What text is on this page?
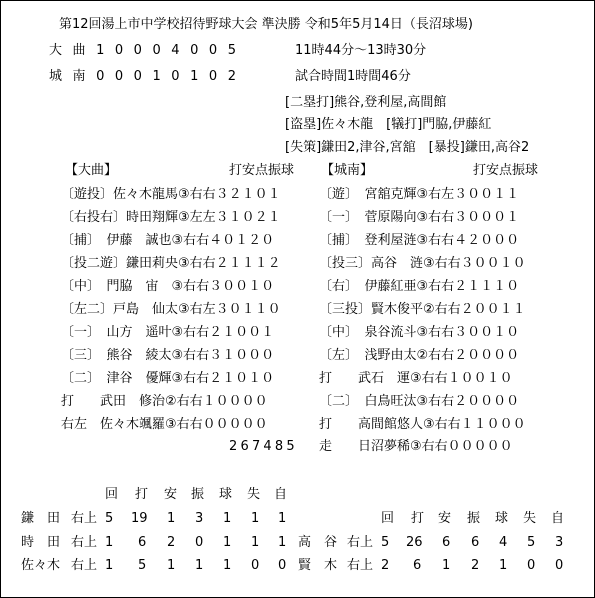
第12回湯上市中学校招待野球大会 準決勝 令和5年5月14日（長沼球場)
大 曲 1 0 0 0 4 0 0 5
城 南 0 0 0 1 0 1 0 2
11時44分～13時30分
試合時間1時間46分
[二塁打]熊谷,登利屋,高間館
[盗塁]佐々木龍　[犠打]門脇,伊藤紅
[失策]鎌田2,津谷,宮舘　[暴投]鎌田,高谷2
【大曲】	打安点振球 【城南】	打安点振球
〔遊投〕佐々木龍馬③右右３２１０１
〔右投右〕時田翔輝③左左３１０２１
〔捕〕　伊藤　誠也③右右４０１２０
〔投二遊〕鎌田莉央③右右２１１１２
〔中〕　門脇　宙　③右右３００１０
〔左二〕戸島　仙太③右左３０１１０
〔一〕　山方　遥叶③右右２１００１
〔三〕　熊谷　綾太③右右３１０００
〔二〕　津谷　優輝③右右２１０１０
打　　武田　修治②右右１００００
右左　佐々木颯羅③右右０００００
267485
〔遊〕　宮舘克輝③右左３００１１
〔一〕　菅原陽向③右右３０００１
〔捕〕　登利屋涟③右右４２０００
〔投三〕高谷　涟③右右３００１０
〔右〕　伊藤紅亜③右右２１１１０
〔三投〕賢木俊平②右右２００１１
〔中〕　泉谷流斗③右右３００１０
〔左〕　浅野由太②右右２００００
打　　武石　運③右右１００１０
〔二〕　白鳥旺汰③右右２００００
打　　高間館悠人③右右１１０００
走　　日沼夢稀③右右０００００
回 打 安 振 球 失 自
回 打 安 振 球 失 自
鎌　田 右上 5 19 1 3 1 1 1
時　田 右上 1 6 2 0 1 1 1
佐々木 右上 1 5 1 1 1 0 0
高　谷 右上 5 26 6 6 4 5 3
賢　木 右上 2 6 1 2 1 0 0
